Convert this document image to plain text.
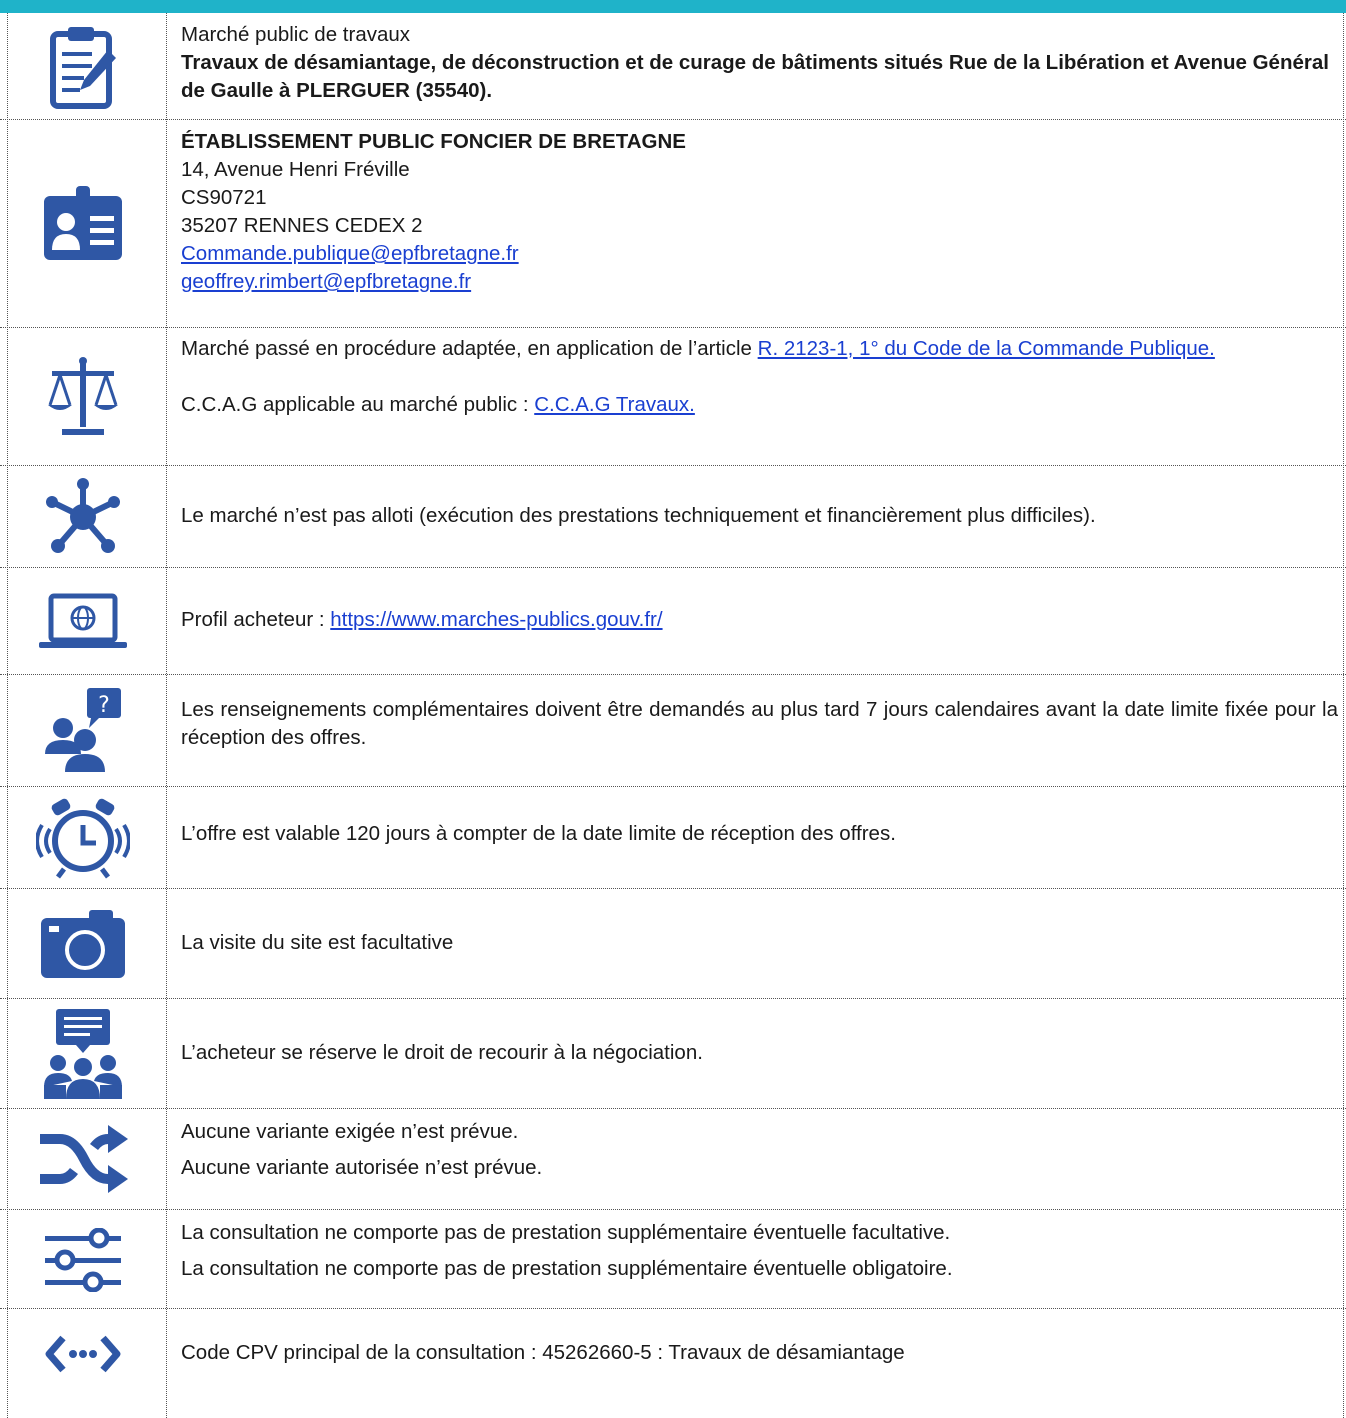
Marché public de travaux

Travaux de désamiantage, de déconstruction et de curage de bâtiments situés Rue de la Libération et Avenue Général de Gaulle à PLERGUER (35540).

ÉTABLISSEMENT PUBLIC FONCIER DE BRETAGNE

14, Avenue Henri Fréville

CS90721

35207 RENNES CEDEX 2

Commande.publique@epfbretagne.fr

geoffrey.rimbert@epfbretagne.fr

Marché passé en procédure adaptée, en application de l’article R. 2123-1, 1° du Code de la Commande Publique.

C.C.A.G applicable au marché public : C.C.A.G Travaux.

Le marché n’est pas alloti (exécution des prestations techniquement et financièrement plus difficiles).

Profil acheteur : https://www.marches-publics.gouv.fr/

?	Les renseignements complémentaires doivent être demandés au plus tard 7 jours calendaires avant la date limite fixée pour la réception des offres.

L’offre est valable 120 jours à compter de la date limite de réception des offres.

La visite du site est facultative

L’acheteur se réserve le droit de recourir à la négociation.

Aucune variante exigée n’est prévue.

Aucune variante autorisée n’est prévue.

La consultation ne comporte pas de prestation supplémentaire éventuelle facultative.

La consultation ne comporte pas de prestation supplémentaire éventuelle obligatoire.

Code CPV principal de la consultation : 45262660-5 : Travaux de désamiantage
